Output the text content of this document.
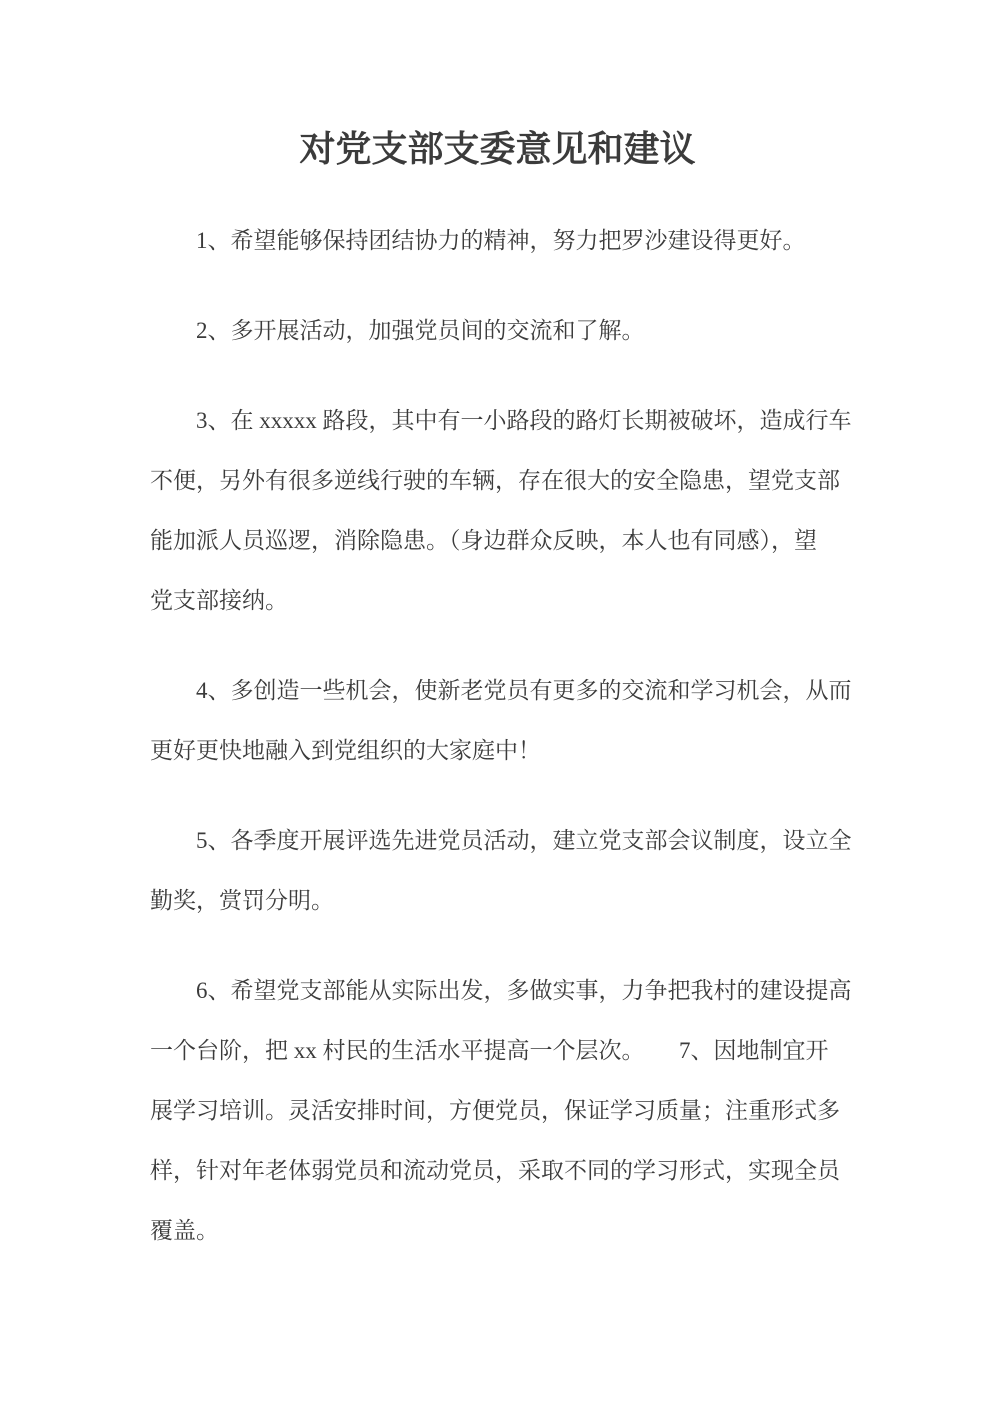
对党支部支委意见和建议
1、希望能够保持团结协力的精神，努力把罗沙建设得更好。
2、多开展活动，加强党员间的交流和了解。
3、在 xxxxx 路段，其中有一小路段的路灯长期被破坏，造成行车
不便，另外有很多逆线行驶的车辆，存在很大的安全隐患，望党支部
能加派人员巡逻，消除隐患。（身边群众反映，本人也有同感），望
党支部接纳。
4、多创造一些机会，使新老党员有更多的交流和学习机会，从而
更好更快地融入到党组织的大家庭中！
5、各季度开展评选先进党员活动，建立党支部会议制度，设立全
勤奖，赏罚分明。
6、希望党支部能从实际出发，多做实事，力争把我村的建设提高
一个台阶，把 xx 村民的生活水平提高一个层次。　　7、因地制宜开
展学习培训。灵活安排时间，方便党员，保证学习质量；注重形式多
样，针对年老体弱党员和流动党员，采取不同的学习形式，实现全员
覆盖。
